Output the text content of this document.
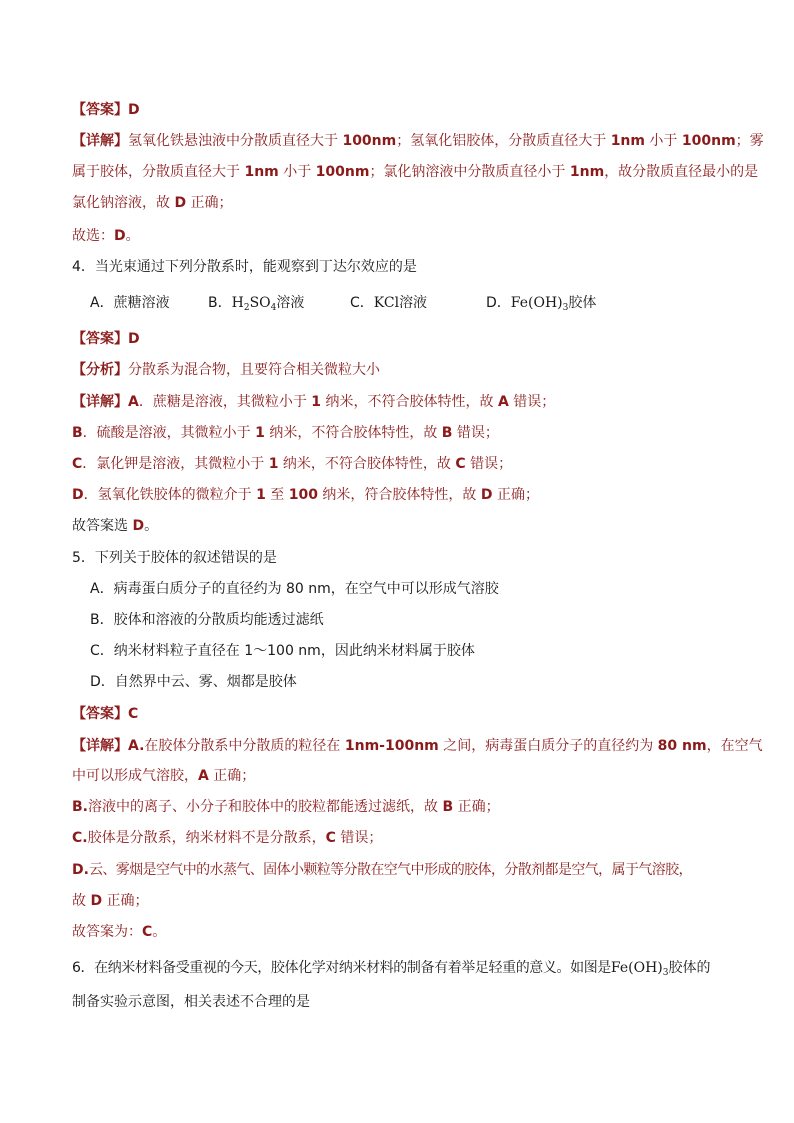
【答案】D
【详解】氢氧化铁悬浊液中分散质直径大于 100nm；氢氧化铝胶体，分散质直径大于 1nm 小于 100nm；雾
属于胶体，分散质直径大于 1nm 小于 100nm；氯化钠溶液中分散质直径小于 1nm，故分散质直径最小的是
氯化钠溶液，故 D 正确；
故选：D。
4．当光束通过下列分散系时，能观察到丁达尔效应的是
A．蔗糖溶液	B．$H_2SO_4$溶液	C．KCl溶液	D．$Fe(OH)_3$胶体
【答案】D
【分析】分散系为混合物，且要符合相关微粒大小
【详解】A．蔗糖是溶液，其微粒小于 1 纳米，不符合胶体特性，故 A 错误；
B．硫酸是溶液，其微粒小于 1 纳米，不符合胶体特性，故 B 错误；
C．氯化钾是溶液，其微粒小于 1 纳米，不符合胶体特性，故 C 错误；
D．氢氧化铁胶体的微粒介于 1 至 100 纳米，符合胶体特性，故 D 正确；
故答案选 D。
5．下列关于胶体的叙述错误的是
A．病毒蛋白质分子的直径约为 80 nm，在空气中可以形成气溶胶
B．胶体和溶液的分散质均能透过滤纸
C．纳米材料粒子直径在 1～100 nm，因此纳米材料属于胶体
D．自然界中云、雾、烟都是胶体
【答案】C
【详解】A.在胶体分散系中分散质的粒径在 1nm-100nm 之间，病毒蛋白质分子的直径约为 80 nm，在空气
中可以形成气溶胶，A 正确；
B.溶液中的离子、小分子和胶体中的胶粒都能透过滤纸，故 B 正确；
C.胶体是分散系，纳米材料不是分散系，C 错误；
D.云、雾烟是空气中的水蒸气、固体小颗粒等分散在空气中形成的胶体，分散剂都是空气，属于气溶胶，
故 D 正确；
故答案为：C。
6．在纳米材料备受重视的今天，胶体化学对纳米材料的制备有着举足轻重的意义。如图是$Fe(OH)_3$胶体的
制备实验示意图，相关表述不合理的是
